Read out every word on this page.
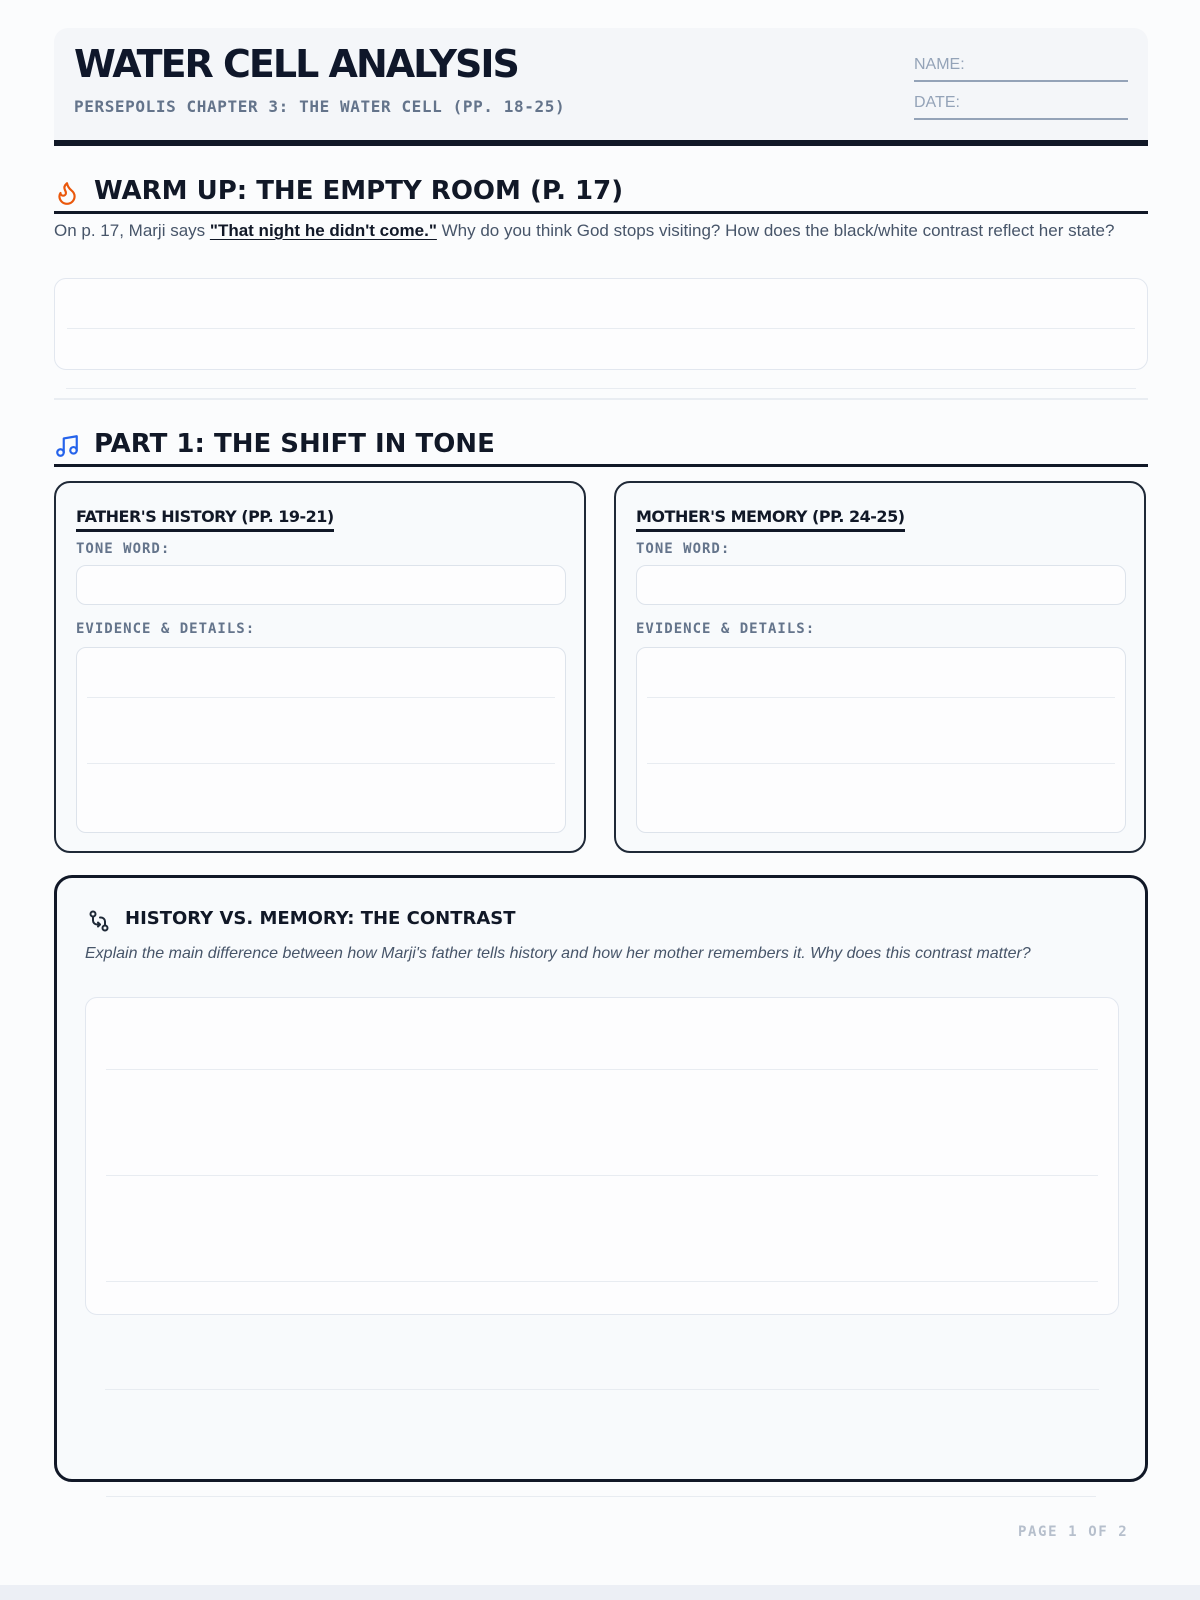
WATER CELL ANALYSIS
PERSEPOLIS CHAPTER 3: THE WATER CELL (PP. 18-25)
NAME:
DATE:
WARM UP: THE EMPTY ROOM (P. 17)
On p. 17, Marji says "That night he didn't come." Why do you think God stops visiting? How does the black/white contrast reflect her state?
PART 1: THE SHIFT IN TONE
FATHER'S HISTORY (PP. 19-21)
TONE WORD:
EVIDENCE & DETAILS:
MOTHER'S MEMORY (PP. 24-25)
TONE WORD:
EVIDENCE & DETAILS:
HISTORY VS. MEMORY: THE CONTRAST
Explain the main difference between how Marji's father tells history and how her mother remembers it. Why does this contrast matter?
PAGE 1 OF 2
